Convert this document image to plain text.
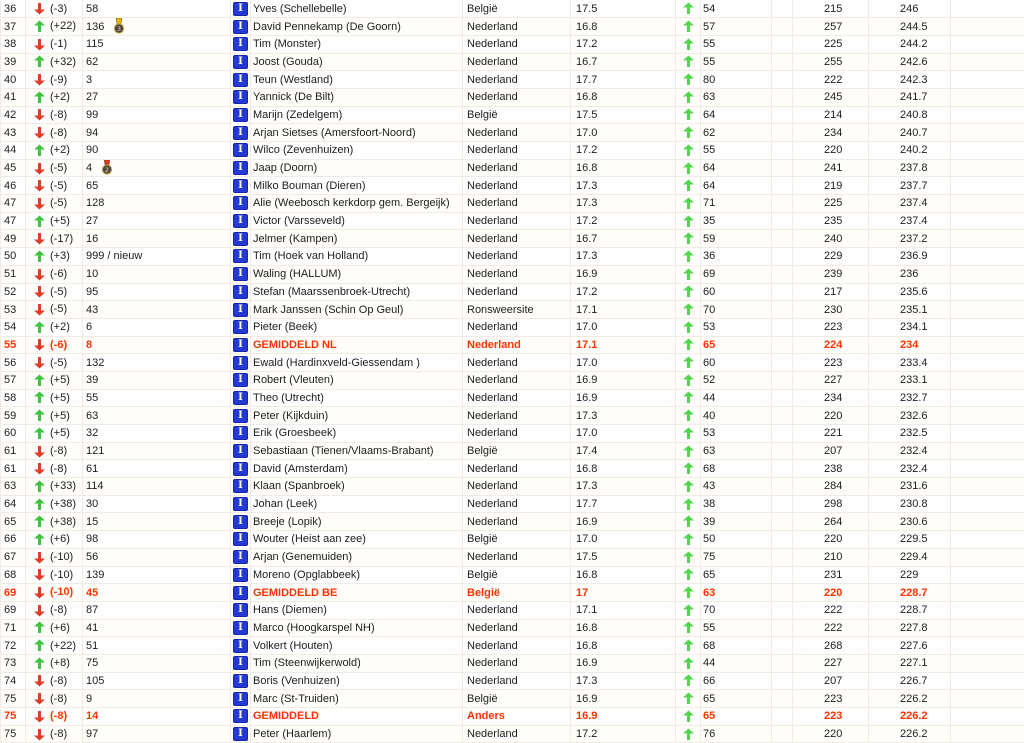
36	(-3)	58	I	Yves (Schellebelle)	België	17.5		54		215	246	
37	(+22)	136 3	I	David Pennekamp (De Goorn)	Nederland	16.8		57		257	244.5	
38	(-1)	115	I	Tim (Monster)	Nederland	17.2		55		225	244.2	
39	(+32)	62	I	Joost (Gouda)	Nederland	16.7		55		255	242.6	
40	(-9)	3	I	Teun (Westland)	Nederland	17.7		80		222	242.3	
41	(+2)	27	I	Yannick (De Bilt)	Nederland	16.8		63		245	241.7	
42	(-8)	99	I	Marijn (Zedelgem)	België	17.5		64		214	240.8	
43	(-8)	94	I	Arjan Sietses (Amersfoort-Noord)	Nederland	17.0		62		234	240.7	
44	(+2)	90	I	Wilco (Zevenhuizen)	Nederland	17.2		55		220	240.2	
45	(-5)	4 2	I	Jaap (Doorn)	Nederland	16.8		64		241	237.8	
46	(-5)	65	I	Milko Bouman (Dieren)	Nederland	17.3		64		219	237.7	
47	(-5)	128	I	Alie (Weebosch kerkdorp gem. Bergeijk)	Nederland	17.3		71		225	237.4	
47	(+5)	27	I	Victor (Varsseveld)	Nederland	17.2		35		235	237.4	
49	(-17)	16	I	Jelmer (Kampen)	Nederland	16.7		59		240	237.2	
50	(+3)	999 / nieuw	I	Tim (Hoek van Holland)	Nederland	17.3		36		229	236.9	
51	(-6)	10	I	Waling (HALLUM)	Nederland	16.9		69		239	236	
52	(-5)	95	I	Stefan (Maarssenbroek-Utrecht)	Nederland	17.2		60		217	235.6	
53	(-5)	43	I	Mark Janssen (Schin Op Geul)	Ronsweersite	17.1		70		230	235.1	
54	(+2)	6	I	Pieter (Beek)	Nederland	17.0		53		223	234.1	
55	(-6)	8	I	GEMIDDELD NL	Nederland	17.1		65		224	234	
56	(-5)	132	I	Ewald (Hardinxveld-Giessendam )	Nederland	17.0		60		223	233.4	
57	(+5)	39	I	Robert (Vleuten)	Nederland	16.9		52		227	233.1	
58	(+5)	55	I	Theo (Utrecht)	Nederland	16.9		44		234	232.7	
59	(+5)	63	I	Peter (Kijkduin)	Nederland	17.3		40		220	232.6	
60	(+5)	32	I	Erik (Groesbeek)	Nederland	17.0		53		221	232.5	
61	(-8)	121	I	Sebastiaan (Tienen/Vlaams-Brabant)	België	17.4		63		207	232.4	
61	(-8)	61	I	David (Amsterdam)	Nederland	16.8		68		238	232.4	
63	(+33)	114	I	Klaan (Spanbroek)	Nederland	17.3		43		284	231.6	
64	(+38)	30	I	Johan (Leek)	Nederland	17.7		38		298	230.8	
65	(+38)	15	I	Breeje (Lopik)	Nederland	16.9		39		264	230.6	
66	(+6)	98	I	Wouter (Heist aan zee)	België	17.0		50		220	229.5	
67	(-10)	56	I	Arjan (Genemuiden)	Nederland	17.5		75		210	229.4	
68	(-10)	139	I	Moreno (Opglabbeek)	België	16.8		65		231	229	
69	(-10)	45	I	GEMIDDELD BE	België	17		63		220	228.7	
69	(-8)	87	I	Hans (Diemen)	Nederland	17.1		70		222	228.7	
71	(+6)	41	I	Marco (Hoogkarspel NH)	Nederland	16.8		55		222	227.8	
72	(+22)	51	I	Volkert (Houten)	Nederland	16.8		68		268	227.6	
73	(+8)	75	I	Tim (Steenwijkerwold)	Nederland	16.9		44		227	227.1	
74	(-8)	105	I	Boris (Venhuizen)	Nederland	17.3		66		207	226.7	
75	(-8)	9	I	Marc (St-Truiden)	België	16.9		65		223	226.2	
75	(-8)	14	I	GEMIDDELD	Anders	16.9		65		223	226.2	
75	(-8)	97	I	Peter (Haarlem)	Nederland	17.2		76		220	226.2	
